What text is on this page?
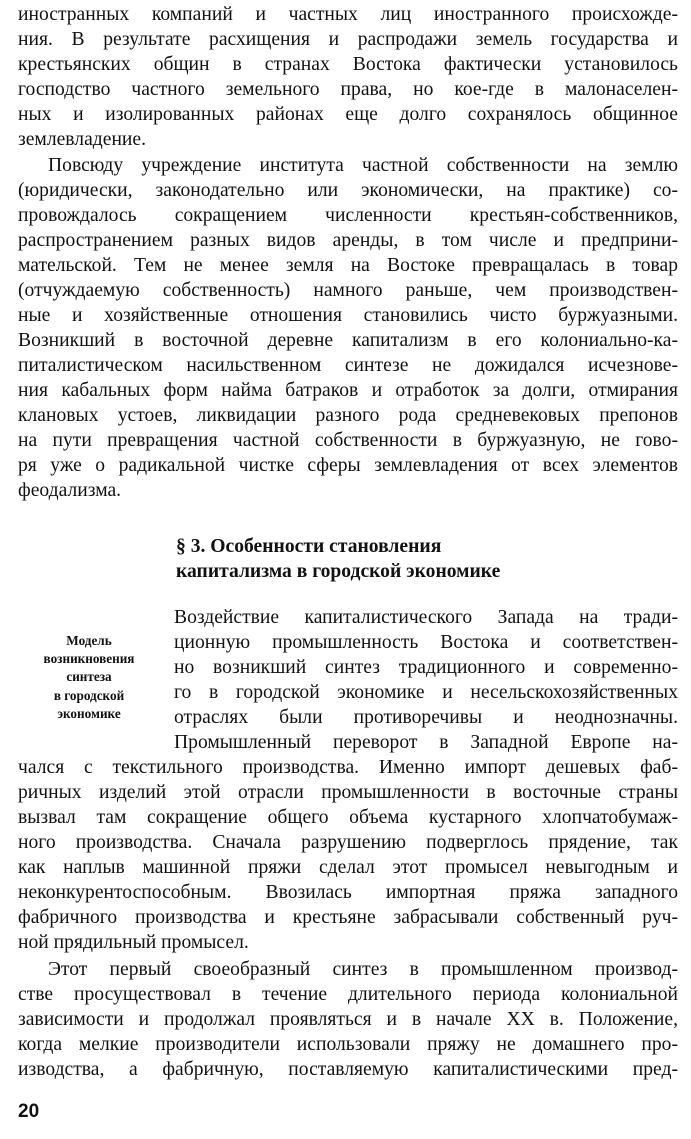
иностранных компаний и частных лиц иностранного происхожде-
ния. В результате расхищения и распродажи земель государства и
крестьянских общин в странах Востока фактически установилось
господство частного земельного права, но кое-где в малонаселен-
ных и изолированных районах еще долго сохранялось общинное
землевладение.

Повсюду учреждение института частной собственности на землю
(юридически, законодательно или экономически, на практике) со-
провождалось сокращением численности крестьян-собственников,
распространением разных видов аренды, в том числе и предприни-
мательской. Тем не менее земля на Востоке превращалась в товар
(отчуждаемую собственность) намного раньше, чем производствен-
ные и хозяйственные отношения становились чисто буржуазными.
Возникший в восточной деревне капитализм в его колониально-ка-
питалистическом насильственном синтезе не дожидался исчезнове-
ния кабальных форм найма батраков и отработок за долги, отмирания
клановых устоев, ликвидации разного рода средневековых препонов
на пути превращения частной собственности в буржуазную, не гово-
ря уже о радикальной чистке сферы землевладения от всех элементов
феодализма.

§ 3. Особенности становления
капитализма в городской экономике
Модель
возникновения
синтеза
в городской
экономике

Воздействие капиталистического Запада на тради-
ционную промышленность Востока и соответствен-
но возникший синтез традиционного и современно-
го в городской экономике и несельскохозяйственных
отраслях были противоречивы и неоднозначны.
Промышленный переворот в Западной Европе на-

чался с текстильного производства. Именно импорт дешевых фаб-
ричных изделий этой отрасли промышленности в восточные страны
вызвал там сокращение общего объема кустарного хлопчатобумаж-
ного производства. Сначала разрушению подверглось прядение, так
как наплыв машинной пряжи сделал этот промысел невыгодным и
неконкурентоспособным. Ввозилась импортная пряжа западного
фабричного производства и крестьяне забрасывали собственный руч-
ной прядильный промысел.

Этот первый своеобразный синтез в промышленном производ-
стве просуществовал в течение длительного периода колониальной
зависимости и продолжал проявляться и в начале XX в. Положение,
когда мелкие производители использовали пряжу не домашнего про-
изводства, а фабричную, поставляемую капиталистическими пред-

20
